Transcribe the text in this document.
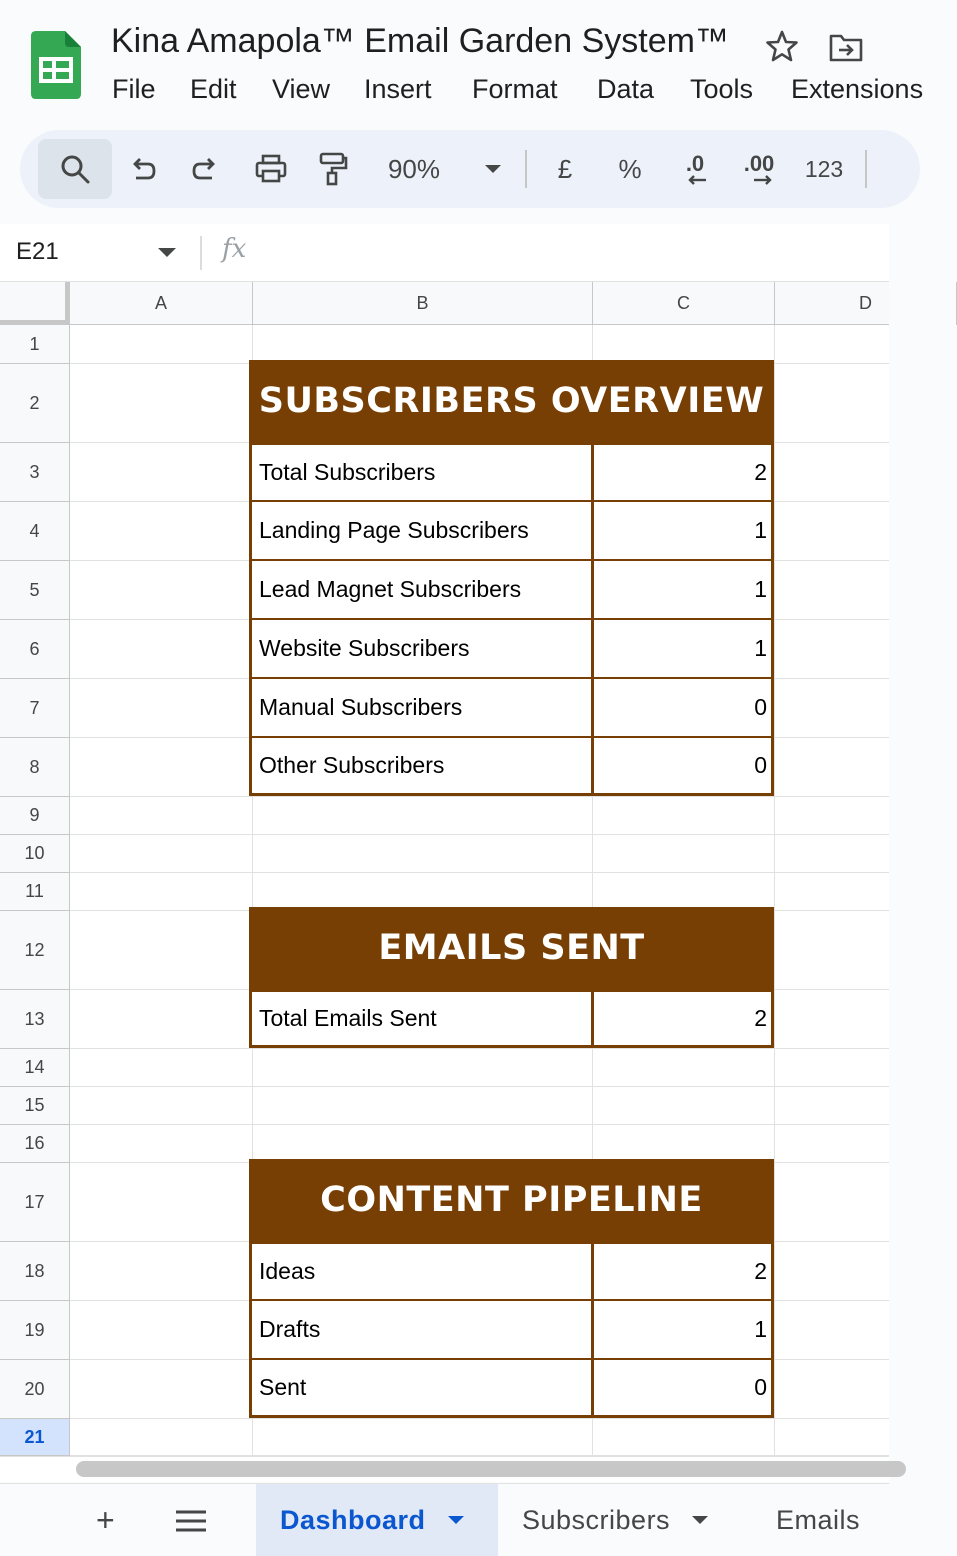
Kina Amapola™ Email Garden System™
File Edit View Insert Format Data Tools Extensions
90%	£	%	.0 .00 123
E21	fx
A	B	C	D
1
2
3
4
5
6
7
8
9
10
11
12
13
14
15
16
17
18
19
20
21
SUBSCRIBERS OVERVIEW
Total Subscribers	2
Landing Page Subscribers	1
Lead Magnet Subscribers	1
Website Subscribers	1
Manual Subscribers	0
Other Subscribers	0
EMAILS SENT
Total Emails Sent	2
CONTENT PIPELINE
Ideas	2
Drafts	1
Sent	0
+	Dashboard	Subscribers	Emails
